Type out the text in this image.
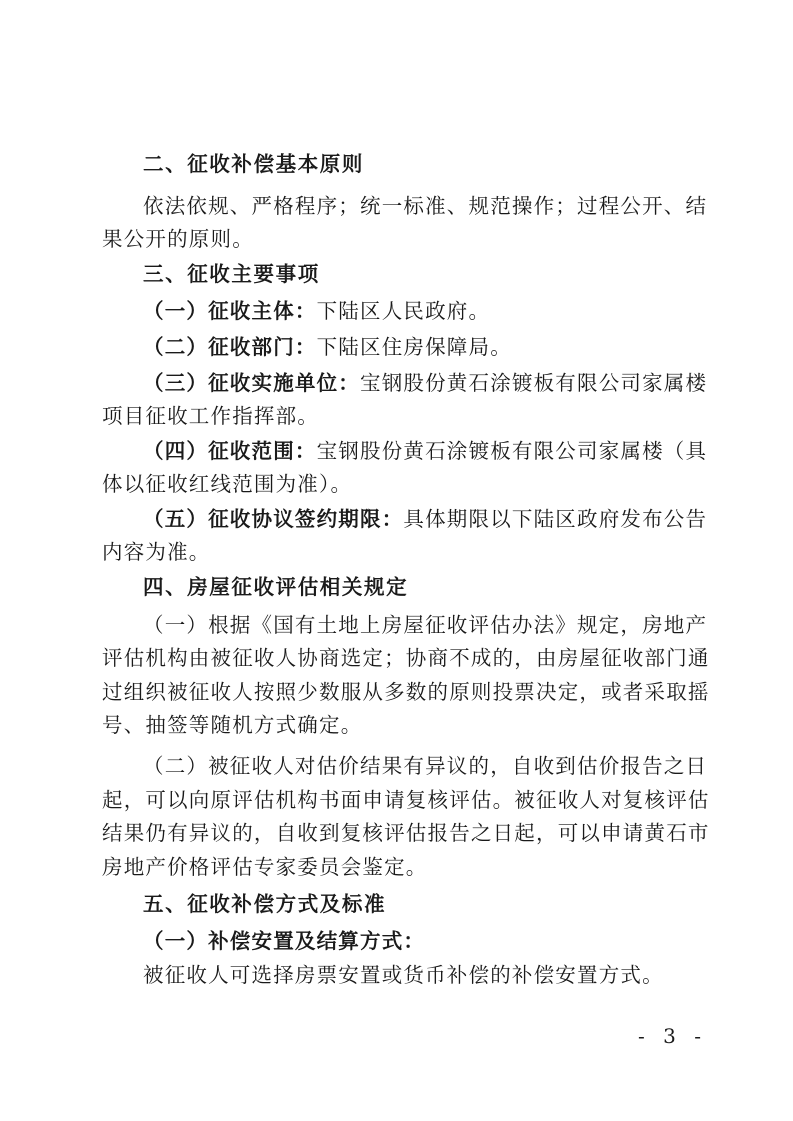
二、征收补偿基本原则
依法依规、严格程序；统一标准、规范操作；过程公开、结
果公开的原则。
三、征收主要事项
（一）征收主体：下陆区人民政府。
（二）征收部门：下陆区住房保障局。
（三）征收实施单位：宝钢股份黄石涂镀板有限公司家属楼
项目征收工作指挥部。
（四）征收范围：宝钢股份黄石涂镀板有限公司家属楼（具
体以征收红线范围为准）。
（五）征收协议签约期限：具体期限以下陆区政府发布公告
内容为准。
四、房屋征收评估相关规定
（一）根据《国有土地上房屋征收评估办法》规定，房地产
评估机构由被征收人协商选定；协商不成的，由房屋征收部门通
过组织被征收人按照少数服从多数的原则投票决定，或者采取摇
号、抽签等随机方式确定。
（二）被征收人对估价结果有异议的，自收到估价报告之日
起，可以向原评估机构书面申请复核评估。被征收人对复核评估
结果仍有异议的，自收到复核评估报告之日起，可以申请黄石市
房地产价格评估专家委员会鉴定。
五、征收补偿方式及标准
（一）补偿安置及结算方式：
被征收人可选择房票安置或货币补偿的补偿安置方式。
- 3 -
